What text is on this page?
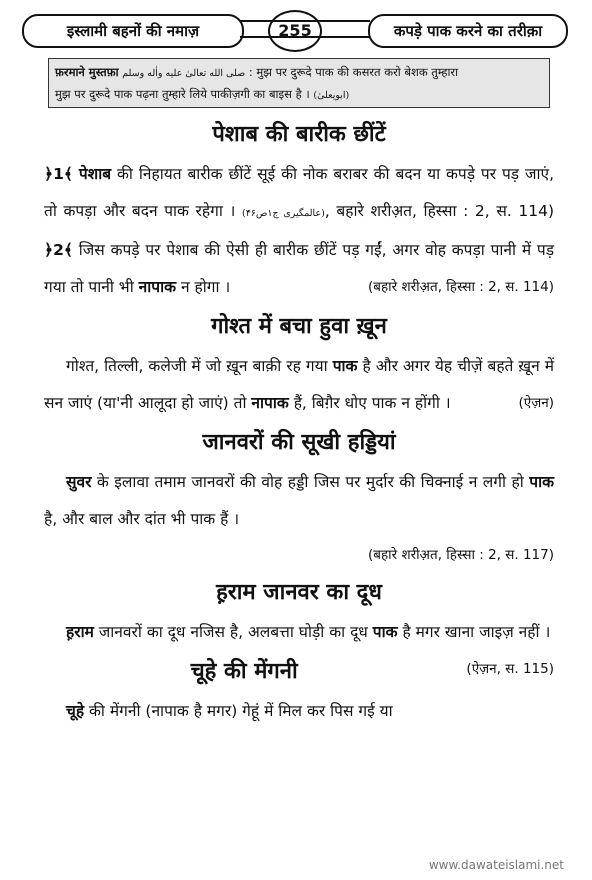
इस्लामी बहनों की नमाज़	255	कपड़े पाक करने का तरीक़ा
फ़रमाने मुस्तफ़ा صلى الله تعالیٰ علیه واٰله وسلم : मुझ पर दुरूदे पाक की कसरत करो बेशक तुम्हारा
मुझ पर दुरूदे पाक पढ़ना तुम्हारे लिये पाकीज़गी का बाइस है । (ابویعلیٰ)
पेशाब की बारीक छींटें

﴿1﴾ पेशाब की निहायत बारीक छींटें सूई की नोक बराबर की बदन या कपड़े पर पड़ जाएं, तो कपड़ा और बदन पाक रहेगा । (عالمگیری ج۱ص۴۶), बहारे शरीअ़त, हिस्सा : 2, स. 114) ﴿2﴾ जिस कपड़े पर पेशाब की ऐसी ही बारीक छींटें पड़ गईं, अगर वोह कपड़ा पानी में पड़ गया तो पानी भी नापाक न होगा ।	(बहारे शरीअ़त, हिस्सा : 2, स. 114)

गोश्त में बचा हुवा ख़ून

गोश्त, तिल्ली, कलेजी में जो ख़ून बाक़ी रह गया पाक है और अगर येह चीज़ें बहते ख़ून में सन जाएं (या'नी आलूदा हो जाएं) तो नापाक हैं, बिग़ैर धोए पाक न होंगी ।	(ऐज़न)

जानवरों की सूखी हड्डियां

सुवर के इलावा तमाम जानवरों की वोह हड्डी जिस पर मुर्दार की चिक्नाई न लगी हो पाक है, और बाल और दांत भी पाक हैं ।

(बहारे शरीअ़त, हिस्सा : 2, स. 117)
ह़राम जानवर का दूध

ह़राम जानवरों का दूध नजिस है, अलबत्ता घोड़ी का दूध पाक है मगर खाना जाइज़ नहीं ।
(ऐज़न, स. 115)

चूहे की मेंगनी

चूहे की मेंगनी (नापाक है मगर) गेहूं में मिल कर पिस गई या

www.dawateislami.net
